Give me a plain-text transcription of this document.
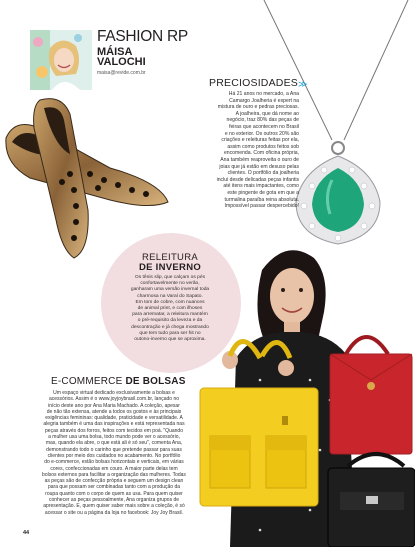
FASHION RP
MÁISA
VALOCHI
maisa@revide.com.br
PRECIOSIDADES ≫
Há 21 anos no mercado, a Ana
Camargo Joalheria é expert na
mistura de ouro e pedras preciosas.
A joalheira, que dá nome ao
negócio, traz 80% das peças de
feiras que acontecem no Brasil
e no exterior. Os outros 20% são
criações e releituras feitas por ela,
assim como produtos feitos sob
encomenda. Com oficina própria,
Ana também reaproveita o ouro de
joias que já estão em desuso pelas
clientes. O portfólio da joalheria
inclui desde delicadas peças infantis
até itens mais impactantes, como
este pingente de gota em que a
turmalina paraíba reina absoluta.
Impossível passar despercebido!
RELEITURA
DE INVERNO
Os tênis slip, que calçam os pés
confortavelmente no verão,
ganharam uma versão invernal toda
charmosa na Varal do Sapato.
Em tom de cobre, com nuances
de animal print, e com ilhoses
para arrematar, a releitura mantém
o pré-requisito da leveza e da
descontração e já chega mostrando
que tem tudo para ser hit no
outono-inverno que se aproxima.
E-COMMERCE DE BOLSAS
Um espaço virtual dedicado exclusivamente a bolsas e
acessórios. Assim é o www.joyjoybrasil.com.br, lançado no
início deste ano por Ana Maria Machado. A coleção, apesar
de não tão extensa, atende a todos os gostos e às principais
exigências femininas: qualidade, praticidade e versatilidade. A
alegria também é uma das inspirações e está representada nas
peças através dos forros, feitos com tecidos em poá. "Quando
a mulher usa uma bolsa, todo mundo pode ver o acessório,
mas, quando ela abre, o que está ali é só seu", comenta Ana,
demonstrando todo o carinho que pretende passar para suas
clientes por meio dos cuidados no acabamento. No portfólio
do e-commerce, estão bolsas horizontais e verticais, em várias
cores, confeccionadas em couro. A maior parte delas tem
bolsos externos para facilitar a organização das mulheres. Todas
as peças são de confecção própria e seguem um design clean
para que possam ser combinadas tanto com a produção da
roupa quanto com o corpo de quem as usa. Para quem quiser
conhecer as peças pessoalmente, Ana organiza grupos de
apresentação. E, quem quiser saber mais sobre a coleção, é só
acessar o site ou a página da loja no facebook: Joy Joy Brasil.
44
